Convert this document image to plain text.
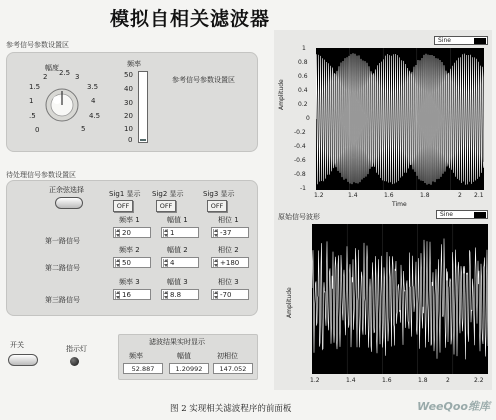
模拟自相关滤波器
参考信号参数设置区
幅度
0
.5
1
1.5
2 2.5 3
3.5
4
4.5
5
频率
50
40
30
20
10
0
参考信号参数设置区
待处理信号参数设置区
正余弦选择	Sig1 显示 Sig2 显示	Sig3 显示
OFF	OFF	OFF
第一路信号
频率 1
20
幅值 1
1
相位 1
-37
第二路信号
频率 2
50
幅值 2
4
相位 2
+180
第三路信号
频率 3
16
幅值 3
8.8
相位 3
-70
开关	指示灯
滤波结果实时显示
频率	幅值	初相位
52.887	1.20992	147.052
Sine
Amplitude
1
0.8
0.6
0.4
0.2
0
-0.2
-0.4
-0.6
-0.8
-1
1.2	1.4	1.6	1.8	2 2.1
Time
原始信号波形	Sine
Amplitude
1.2	1.4	1.6	1.8	2	2.2
图 2 实现相关滤波程序的前面板	WeeQoo维库
